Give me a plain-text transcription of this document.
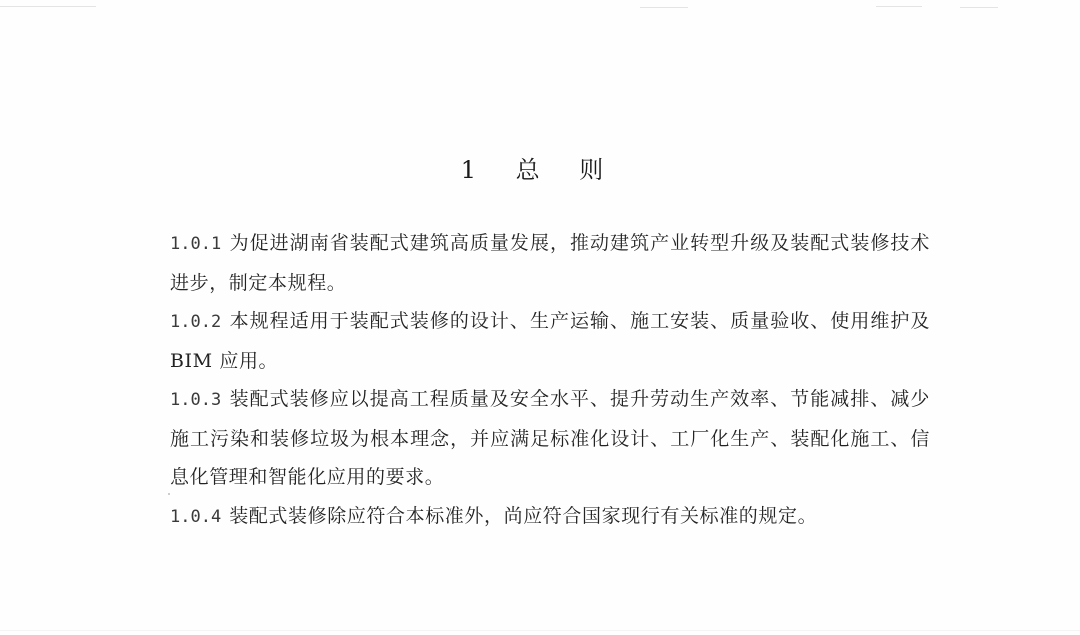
1 总 则

1.0.1 为促进湖南省装配式建筑高质量发展，推动建筑产业转型升级及装配式装修技术进步，制定本规程。

1.0.2 本规程适用于装配式装修的设计、生产运输、施工安装、质量验收、使用维护及 BIM 应用。

1.0.3 装配式装修应以提高工程质量及安全水平、提升劳动生产效率、节能减排、减少施工污染和装修垃圾为根本理念，并应满足标准化设计、工厂化生产、装配化施工、信息化管理和智能化应用的要求。

1.0.4 装配式装修除应符合本标准外，尚应符合国家现行有关标准的规定。
